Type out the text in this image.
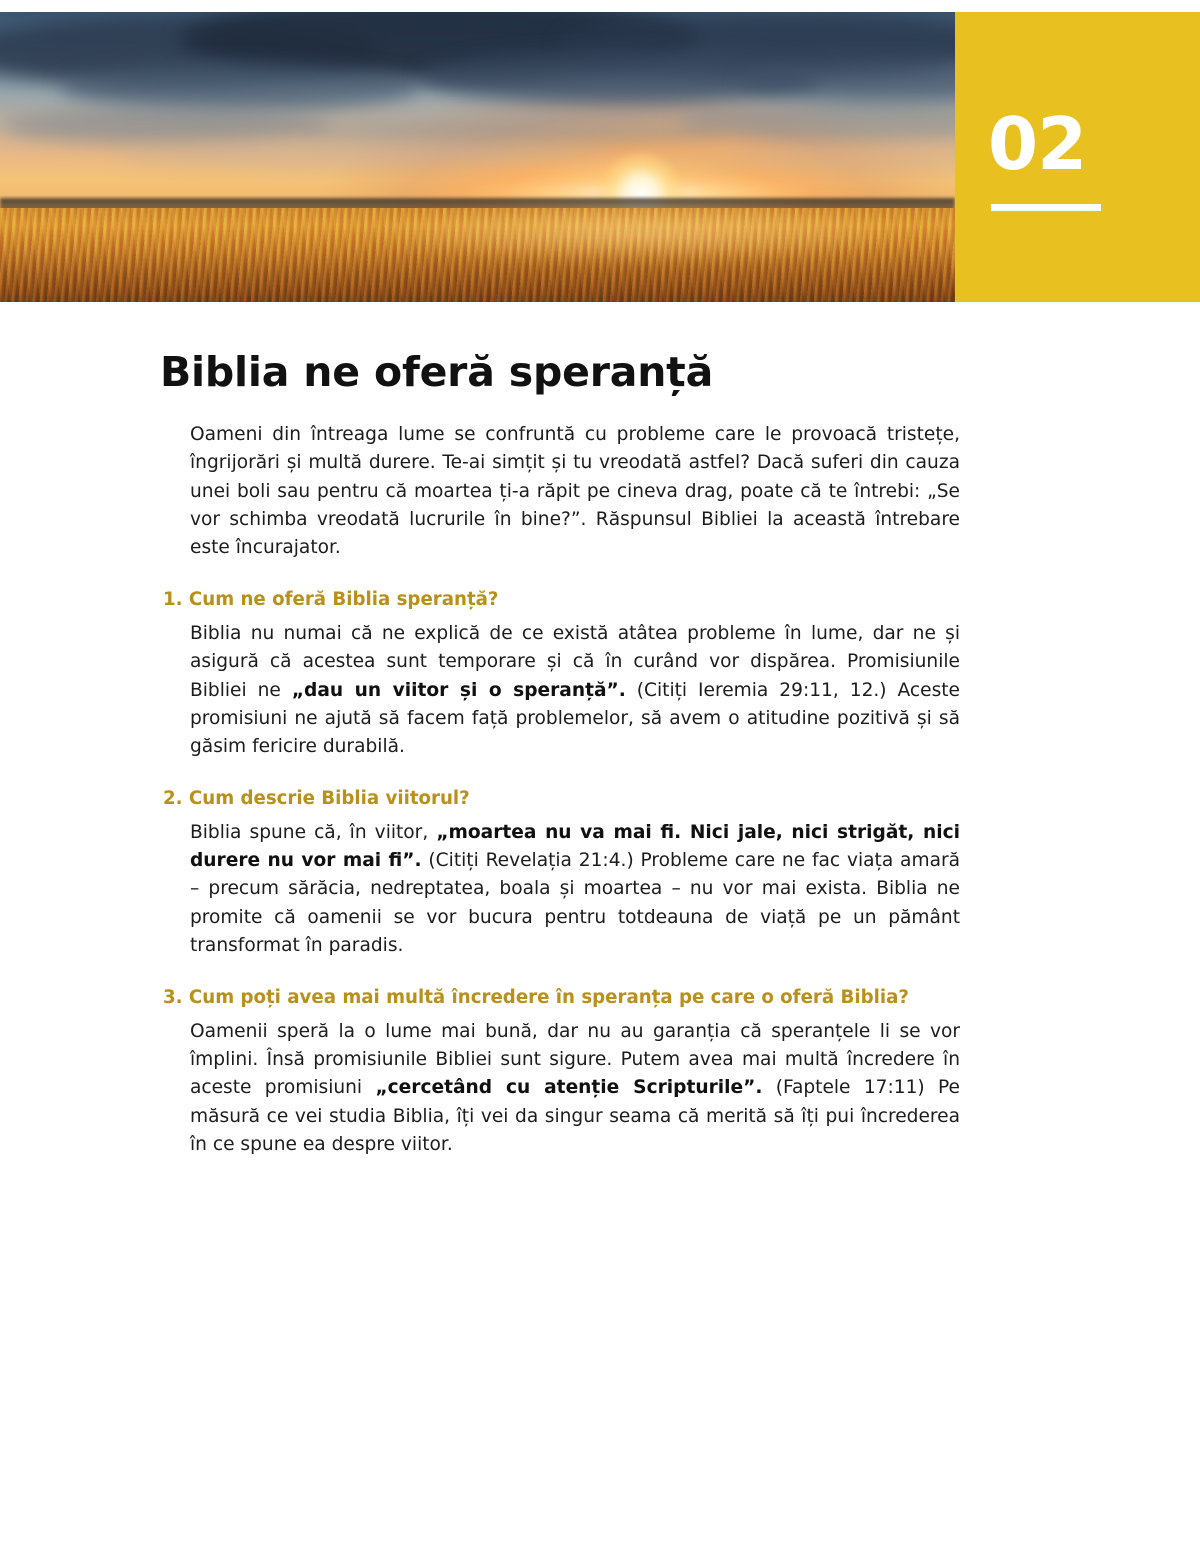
02
Biblia ne oferă speranță

Oameni din întreaga lume se confruntă cu probleme care le provoacă tristețe, îngrijorări și multă durere. Te-ai simțit și tu vreodată astfel? Dacă suferi din cauza unei boli sau pentru că moartea ți-a răpit pe cineva drag, poate că te întrebi: „Se vor schimba vreodată lucrurile în bine?”. Răspunsul Bibliei la această întrebare este încurajator.

1. Cum ne oferă Biblia speranță?

Biblia nu numai că ne explică de ce există atâtea probleme în lume, dar ne și asigură că acestea sunt temporare și că în curând vor dispărea. Promisiunile Bibliei ne „dau un viitor și o speranță”. (Citiți Ieremia 29:11, 12.) Aceste promisiuni ne ajută să facem față problemelor, să avem o atitudine pozitivă și să găsim fericire durabilă.

2. Cum descrie Biblia viitorul?

Biblia spune că, în viitor, „moartea nu va mai fi. Nici jale, nici strigăt, nici durere nu vor mai fi”. (Citiți Revelația 21:4.) Probleme care ne fac viața amară – precum sărăcia, nedreptatea, boala și moartea – nu vor mai exista. Biblia ne promite că oamenii se vor bucura pentru totdeauna de viață pe un pământ transformat în paradis.

3. Cum poți avea mai multă încredere în speranța pe care o oferă Biblia?

Oamenii speră la o lume mai bună, dar nu au garanția că speranțele li se vor împlini. Însă promisiunile Bibliei sunt sigure. Putem avea mai multă încredere în aceste promisiuni „cercetând cu atenție Scripturile”. (Faptele 17:11) Pe măsură ce vei studia Biblia, îți vei da singur seama că merită să îți pui încrederea în ce spune ea despre viitor.
